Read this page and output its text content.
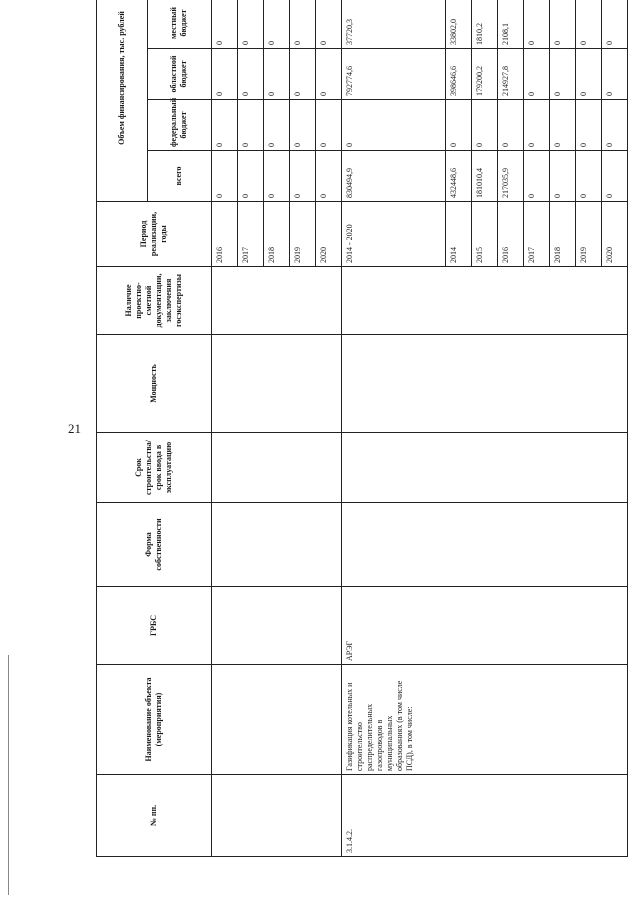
21
№ пп.	Наименование объекта (мероприятия)	ГРБС	Форма собственности	Срок строительства/срок ввода в эксплуатацию	Мощность	Наличие проектно-сметной документации, заключения госэкспертизы	Период реализации, годы	Объем финансирования, тыс. рублей	
								всего	федеральный бюджет	областной бюджет	местный бюджет	
							2016	0	0	0	0		
							2017	0	0	0	0	
							2018	0	0	0	0	
							2019	0	0	0	0	
							2020	0	0	0	0	
3.1.4.2.	Газификация котельных и строительство распределительных газопроводов в муниципальных образованиях (в том числе ПСД), в том числе:	АРЭГ					2014 - 2020	830494,9	0	792774,6	37720,3		
							2014	432448,6	0	398646,6	33802,0	
							2015	181010,4	0	179200,2	1810,2	
							2016	217035,9	0	214927,8	2108,1	
							2017	0	0	0	0	
							2018	0	0	0	0	
							2019	0	0	0	0	
							2020	0	0	0	0	
